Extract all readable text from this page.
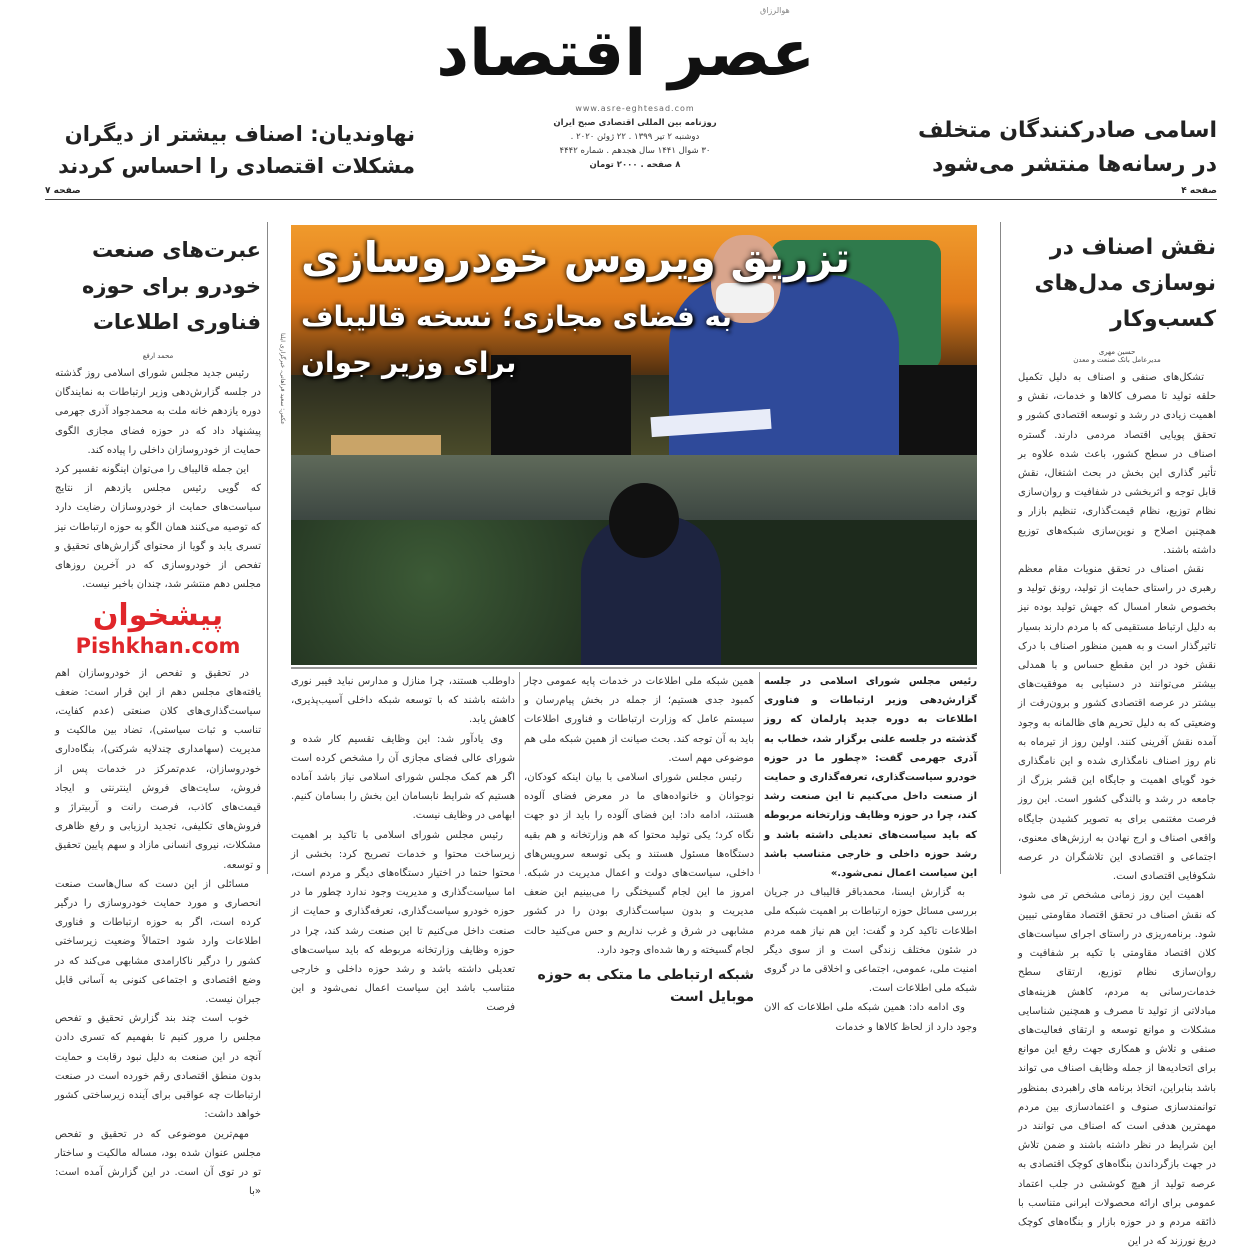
نهاوندیان: اصناف بیشتر از دیگران مشکلات اقتصادی را احساس کردند
صفحه ۷
اسامی صادرکنندگان متخلف در رسانه‌ها منتشر می‌شود
صفحه ۴
عصر اقتصاد
هوالرزاق
www.asre-eghtesad.com
روزنامه بین المللی اقتصادی صبح ایران
دوشنبه ۲ تیر ۱۳۹۹ . ۲۲ ژوئن ۲۰۲۰ .
۳۰ شوال ۱۴۴۱ سال هجدهم . شماره ۴۴۴۲
۸ صفحه . ۲۰۰۰ تومان
عبرت‌های صنعت خودرو برای حوزه فناوری اطلاعات
محمد ارفع

رئیس جدید مجلس شورای اسلامی روز گذشته در جلسه گزارش‌دهی وزیر ارتباطات به نمایندگان دوره یازدهم خانه ملت به محمدجواد آذری جهرمی پیشنهاد داد که در حوزه فضای مجازی الگوی حمایت از خودروسازان داخلی را پیاده کند.

این جمله قالیباف را می‌توان اینگونه تفسیر کرد که گویی رئیس مجلس یازدهم از نتایج سیاست‌های حمایت از خودروسازان رضایت دارد که توصیه می‌کنند همان الگو به حوزه ارتباطات نیز تسری یابد و گویا از محتوای گزارش‌های تحقیق و تفحص از خودروسازی که در آخرین روزهای مجلس دهم منتشر شد، چندان باخبر نیست.

پیشخوان
Pishkhan.com

در تحقیق و تفحص از خودروسازان اهم یافته‌های مجلس دهم از این قرار است: ضعف سیاست‌گذاری‌های کلان صنعتی (عدم کفایت، تناسب و ثبات سیاستی)، تضاد بین مالکیت و مدیریت (سهامداری چندلایه شرکتی)، بنگاه‌داری خودروسازان، عدم‌تمرکز در خدمات پس از فروش، سایت‌های فروش اینترنتی و ایجاد قیمت‌های کاذب، فرصت رانت و آربیتراژ و فروش‌های تکلیفی، تجدید ارزیابی و رفع ظاهری مشکلات، نیروی انسانی مازاد و سهم پایین تحقیق و توسعه.

مسائلی از این دست که سال‌هاست صنعت انحصاری و مورد حمایت خودروسازی را درگیر کرده است، اگر به حوزه ارتباطات و فناوری اطلاعات وارد شود احتمالاً وضعیت زیرساختی کشور را درگیر ناکارامدی مشابهی می‌کند که در وضع اقتصادی و اجتماعی کنونی به آسانی قابل جبران نیست.

خوب است چند بند گزارش تحقیق و تفحص مجلس را مرور کنیم تا بفهمیم که تسری دادن آنچه در این صنعت به دلیل نبود رقابت و حمایت بدون منطق اقتصادی رقم خورده است در صنعت ارتباطات چه عواقبی برای آینده زیرساختی کشور خواهد داشت:

مهم‌ترین موضوعی که در تحقیق و تفحص مجلس عنوان شده بود، مساله مالکیت و ساختار تو در توی آن است. در این گزارش آمده است: «با

عکس: سعید فراهانی، خبرگزاری ایلنا
تزریق ویروس خودروسازی
به فضای مجازی؛ نسخه قالیباف
برای وزیر جوان
رئیس مجلس شورای اسلامی در جلسه گزارش‌دهی وزیر ارتباطات و فناوری اطلاعات به دوره جدید پارلمان که روز گذشته در جلسه علنی برگزار شد، خطاب به آذری جهرمی گفت: «چطور ما در حوزه خودرو سیاست‌گذاری، تعرفه‌گذاری و حمایت از صنعت داخل می‌کنیم تا این صنعت رشد کند، چرا در حوزه وظایف وزارتخانه مربوطه که باید سیاست‌های تعدیلی داشته باشد و رشد حوزه داخلی و خارجی متناسب باشد این سیاست اعمال نمی‌شود.»

به گزارش ایسنا، محمدباقر قالیباف در جریان بررسی مسائل حوزه ارتباطات بر اهمیت شبکه ملی اطلاعات تاکید کرد و گفت: این هم نیاز همه مردم در شئون مختلف زندگی است و از سوی دیگر امنیت ملی، عمومی، اجتماعی و اخلاقی ما در گروی شبکه ملی اطلاعات است.

وی ادامه داد: همین شبکه ملی اطلاعات که الان وجود دارد از لحاظ کالاها و خدمات

همین شبکه ملی اطلاعات در خدمات پایه عمومی دچار کمبود جدی هستیم؛ از جمله در بخش پیام‌رسان و سیستم عامل که وزارت ارتباطات و فناوری اطلاعات باید به آن توجه کند. بحث صیانت از همین شبکه ملی هم موضوعی مهم است.

رئیس مجلس شورای اسلامی با بیان اینکه کودکان، نوجوانان و خانواده‌های ما در معرض فضای آلوده هستند، ادامه داد: این فضای آلوده را باید از دو جهت نگاه کرد؛ یکی تولید محتوا که هم وزارتخانه و هم بقیه دستگاه‌ها مسئول هستند و یکی توسعه سرویس‌های داخلی، سیاست‌های دولت و اعمال مدیریت در شبکه. امروز ما این لجام گسیختگی را می‌بینیم این ضعف مدیریت و بدون سیاست‌گذاری بودن را در کشور مشابهی در شرق و غرب نداریم و حس می‌کنید حالت لجام گسیخته و رها شده‌ای وجود دارد.

شبکه ارتباطی ما متکی به حوزه موبایل است

داوطلب هستند، چرا منازل و مدارس نباید فیبر نوری داشته باشند که با توسعه شبکه داخلی آسیب‌پذیری، کاهش یابد.

وی یادآور شد: این وظایف تقسیم کار شده و شورای عالی فضای مجازی آن را مشخص کرده است اگر هم کمک مجلس شورای اسلامی نیاز باشد آماده هستیم که شرایط نابسامان این بخش را بسامان کنیم. ابهامی در وظایف نیست.

رئیس مجلس شورای اسلامی با تاکید بر اهمیت زیرساخت محتوا و خدمات تصریح کرد: بخشی از محتوا حتما در اختیار دستگاه‌های دیگر و مردم است، اما سیاست‌گذاری و مدیریت وجود ندارد چطور ما در حوزه خودرو سیاست‌گذاری، تعرفه‌گذاری و حمایت از صنعت داخل می‌کنیم تا این صنعت رشد کند، چرا در حوزه وظایف وزارتخانه مربوطه که باید سیاست‌های تعدیلی داشته باشد و رشد حوزه داخلی و خارجی متناسب باشد این سیاست اعمال نمی‌شود و این فرصت

نقش اصناف در نوسازی مدل‌های کسب‌وکار
حسین مهری
مدیرعامل بانک صنعت و معدن

تشکل‌های صنفی و اصناف به دلیل تکمیل حلقه تولید تا مصرف کالاها و خدمات، نقش و اهمیت زیادی در رشد و توسعه اقتصادی کشور و تحقق پویایی اقتصاد مردمی دارند. گستره اصناف در سطح کشور، باعث شده علاوه بر تأثیر گذاری این بخش در بحث اشتغال، نقش قابل توجه و اثربخشی در شفافیت و روان‌سازی نظام توزیع، نظام قیمت‌گذاری، تنظیم بازار و همچنین اصلاح و نوین‌سازی شبکه‌های توزیع داشته باشند.

نقش اصناف در تحقق منویات مقام معظم رهبری در راستای حمایت از تولید، رونق تولید و بخصوص شعار امسال که جهش تولید بوده نیز به دلیل ارتباط مستقیمی که با مردم دارند بسیار تاثیرگذار است و به همین منظور اصناف با درک نقش خود در این مقطع حساس و با همدلی بیشتر می‌توانند در دستیابی به موفقیت‌های بیشتر در عرصه اقتصادی کشور و برون‌رفت از وضعیتی که به دلیل تحریم های ظالمانه به وجود آمده نقش آفرینی کنند. اولین روز از تیرماه به نام روز اصناف نامگذاری شده و این نامگذاری خود گویای اهمیت و جایگاه این قشر بزرگ از جامعه در رشد و بالندگی کشور است. این روز فرصت مغتنمی برای به تصویر کشیدن جایگاه واقعی اصناف و ارج نهادن به ارزش‌های معنوی، اجتماعی و اقتصادی این تلاشگران در عرصه شکوفایی اقتصادی است.

اهمیت این روز زمانی مشخص تر می شود که نقش اصناف در تحقق اقتصاد مقاومتی تبیین شود. برنامه‌ریزی در راستای اجرای سیاست‌های کلان اقتصاد مقاومتی با تکیه بر شفافیت و روان‌سازی نظام توزیع، ارتقای سطح خدمات‌رسانی به مردم، کاهش هزینه‌های مبادلاتی از تولید تا مصرف و همچنین شناسایی مشکلات و موانع توسعه و ارتقای فعالیت‌های صنفی و تلاش و همکاری جهت رفع این موانع برای اتحادیه‌ها از جمله وظایف اصناف می تواند باشد بنابراین، اتخاذ برنامه های راهبردی بمنظور توانمندسازی صنوف و اعتمادسازی بین مردم مهمترین هدفی است که اصناف می توانند در این شرایط در نظر داشته باشند و ضمن تلاش در جهت بازگرداندن بنگاه‌های کوچک اقتصادی به عرصه تولید از هیچ کوششی در جلب اعتماد عمومی برای ارائه محصولات ایرانی متناسب با ذائقه مردم و در حوزه بازار و بنگاه‌های کوچک دریغ نورزند که در این
